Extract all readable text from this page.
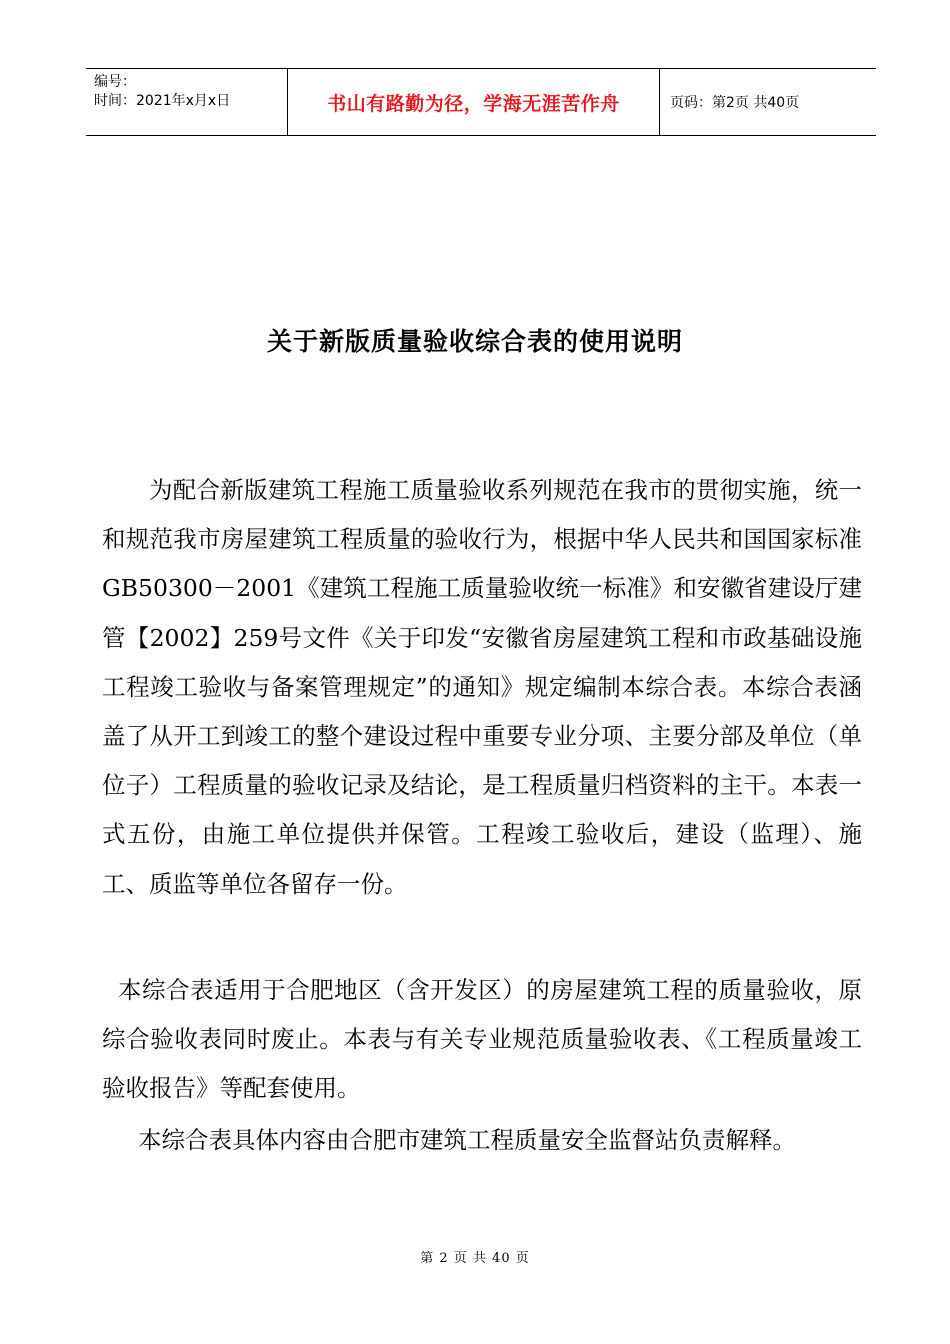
编号：
时间：2021年x月x日	书山有路勤为径，学海无涯苦作舟	页码：第2页 共40页
关于新版质量验收综合表的使用说明

为配合新版建筑工程施工质量验收系列规范在我市的贯彻实施，统一和规范我市房屋建筑工程质量的验收行为，根据中华人民共和国国家标准GB50300－2001《建筑工程施工质量验收统一标准》和安徽省建设厅建管【2002】259号文件《关于印发“安徽省房屋建筑工程和市政基础设施工程竣工验收与备案管理规定”的通知》规定编制本综合表。本综合表涵盖了从开工到竣工的整个建设过程中重要专业分项、主要分部及单位（单位子）工程质量的验收记录及结论，是工程质量归档资料的主干。本表一式五份，由施工单位提供并保管。工程竣工验收后，建设（监理）、施工、质监等单位各留存一份。

本综合表适用于合肥地区（含开发区）的房屋建筑工程的质量验收，原综合验收表同时废止。本表与有关专业规范质量验收表、《工程质量竣工验收报告》等配套使用。

本综合表具体内容由合肥市建筑工程质量安全监督站负责解释。

第 2 页 共 40 页
